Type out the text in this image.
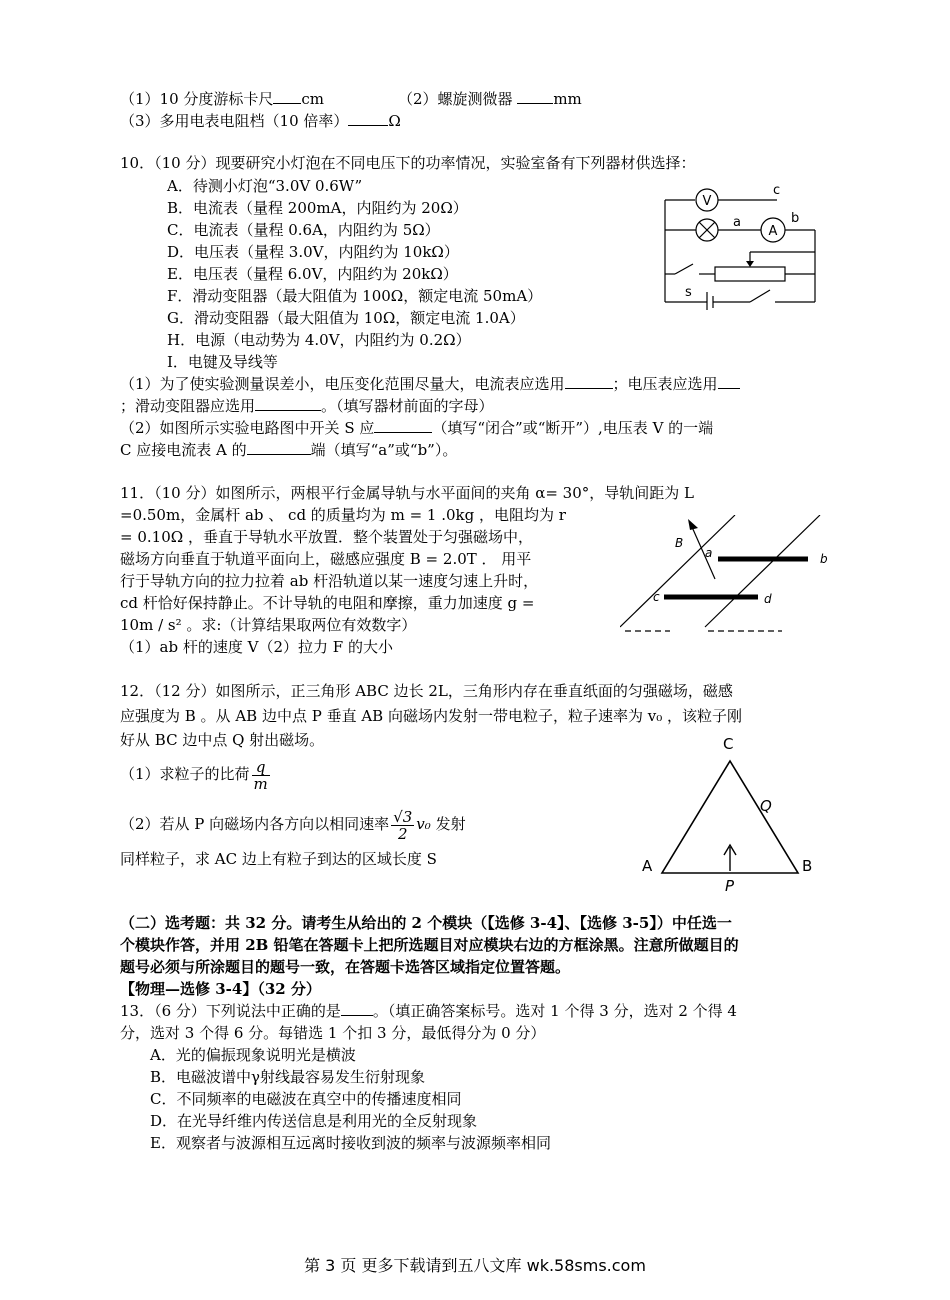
（1）10 分度游标卡尺 cm	（2）螺旋测微器 mm
（3）多用电表电阻档（10 倍率）	Ω
10．（10 分）现要研究小灯泡在不同电压下的功率情况，实验室备有下列器材供选择：
A．待测小灯泡“3.0V 0.6W”
B．电流表（量程 200mA，内阻约为 20Ω）
C．电流表（量程 0.6A，内阻约为 5Ω）
D．电压表（量程 3.0V，内阻约为 10kΩ）
E．电压表（量程 6.0V，内阻约为 20kΩ）
F．滑动变阻器（最大阻值为 100Ω，额定电流 50mA）
G．滑动变阻器（最大阻值为 10Ω，额定电流 1.0A）
H．电源（电动势为 4.0V，内阻约为 0.2Ω）
I．电键及导线等
（1）为了使实验测量误差小，电压变化范围尽量大，电流表应选用	；电压表应选用
；滑动变阻器应选用	。（填写器材前面的字母）
（2）如图所示实验电路图中开关 S 应	（填写“闭合”或“断开”）,电压表 V 的一端
C 应接电流表 A 的	端（填写“a”或“b”）。
V
A
c
a	b
s
11．（10 分）如图所示，两根平行金属导轨与水平面间的夹角 α= 30°，导轨间距为 L
=0.50m，金属杆 ab 、 cd 的质量均为 m = 1 .0kg ，电阻均为 r
= 0.10Ω ，垂直于导轨水平放置．整个装置处于匀强磁场中，
磁场方向垂直于轨道平面向上，磁感应强度 B = 2.0T ． 用平
行于导轨方向的拉力拉着 ab 杆沿轨道以某一速度匀速上升时，
cd 杆恰好保持静止。不计导轨的电阻和摩擦，重力加速度 g =
10m / s² 。求:（计算结果取两位有效数字）
（1）ab 杆的速度 V（2）拉力 F 的大小
B
a	b
c	d
12．（12 分）如图所示，正三角形 ABC 边长 2L，三角形内存在垂直纸面的匀强磁场，磁感
应强度为 B 。从 AB 边中点 P 垂直 AB 向磁场内发射一带电粒子，粒子速率为 v₀ ，该粒子刚
好从 BC 边中点 Q 射出磁场。
（1）求粒子的比荷 $\frac{q}{m}$
（2）若从 P 向磁场内各方向以相同速率 $\frac{√3}{2} v_0$ 发射
同样粒子，求 AC 边上有粒子到达的区域长度 S
C
A	B
P
Q
（二）选考题：共 32 分。请考生从给出的 2 个模块（【选修 3-4】、【选修 3-5】）中任选一
个模块作答，并用 2B 铅笔在答题卡上把所选题目对应模块右边的方框涂黑。注意所做题目的
题号必须与所涂题目的题号一致，在答题卡选答区域指定位置答题。
【物理—选修 3-4】（32 分）
13．（6 分）下列说法中正确的是 。（填正确答案标号。选对 1 个得 3 分，选对 2 个得 4
分，选对 3 个得 6 分。每错选 1 个扣 3 分，最低得分为 0 分）
A．光的偏振现象说明光是横波
B．电磁波谱中γ射线最容易发生衍射现象
C．不同频率的电磁波在真空中的传播速度相同
D．在光导纤维内传送信息是利用光的全反射现象
E．观察者与波源相互远离时接收到波的频率与波源频率相同
第 3 页 更多下载请到五八文库 wk.58sms.com
